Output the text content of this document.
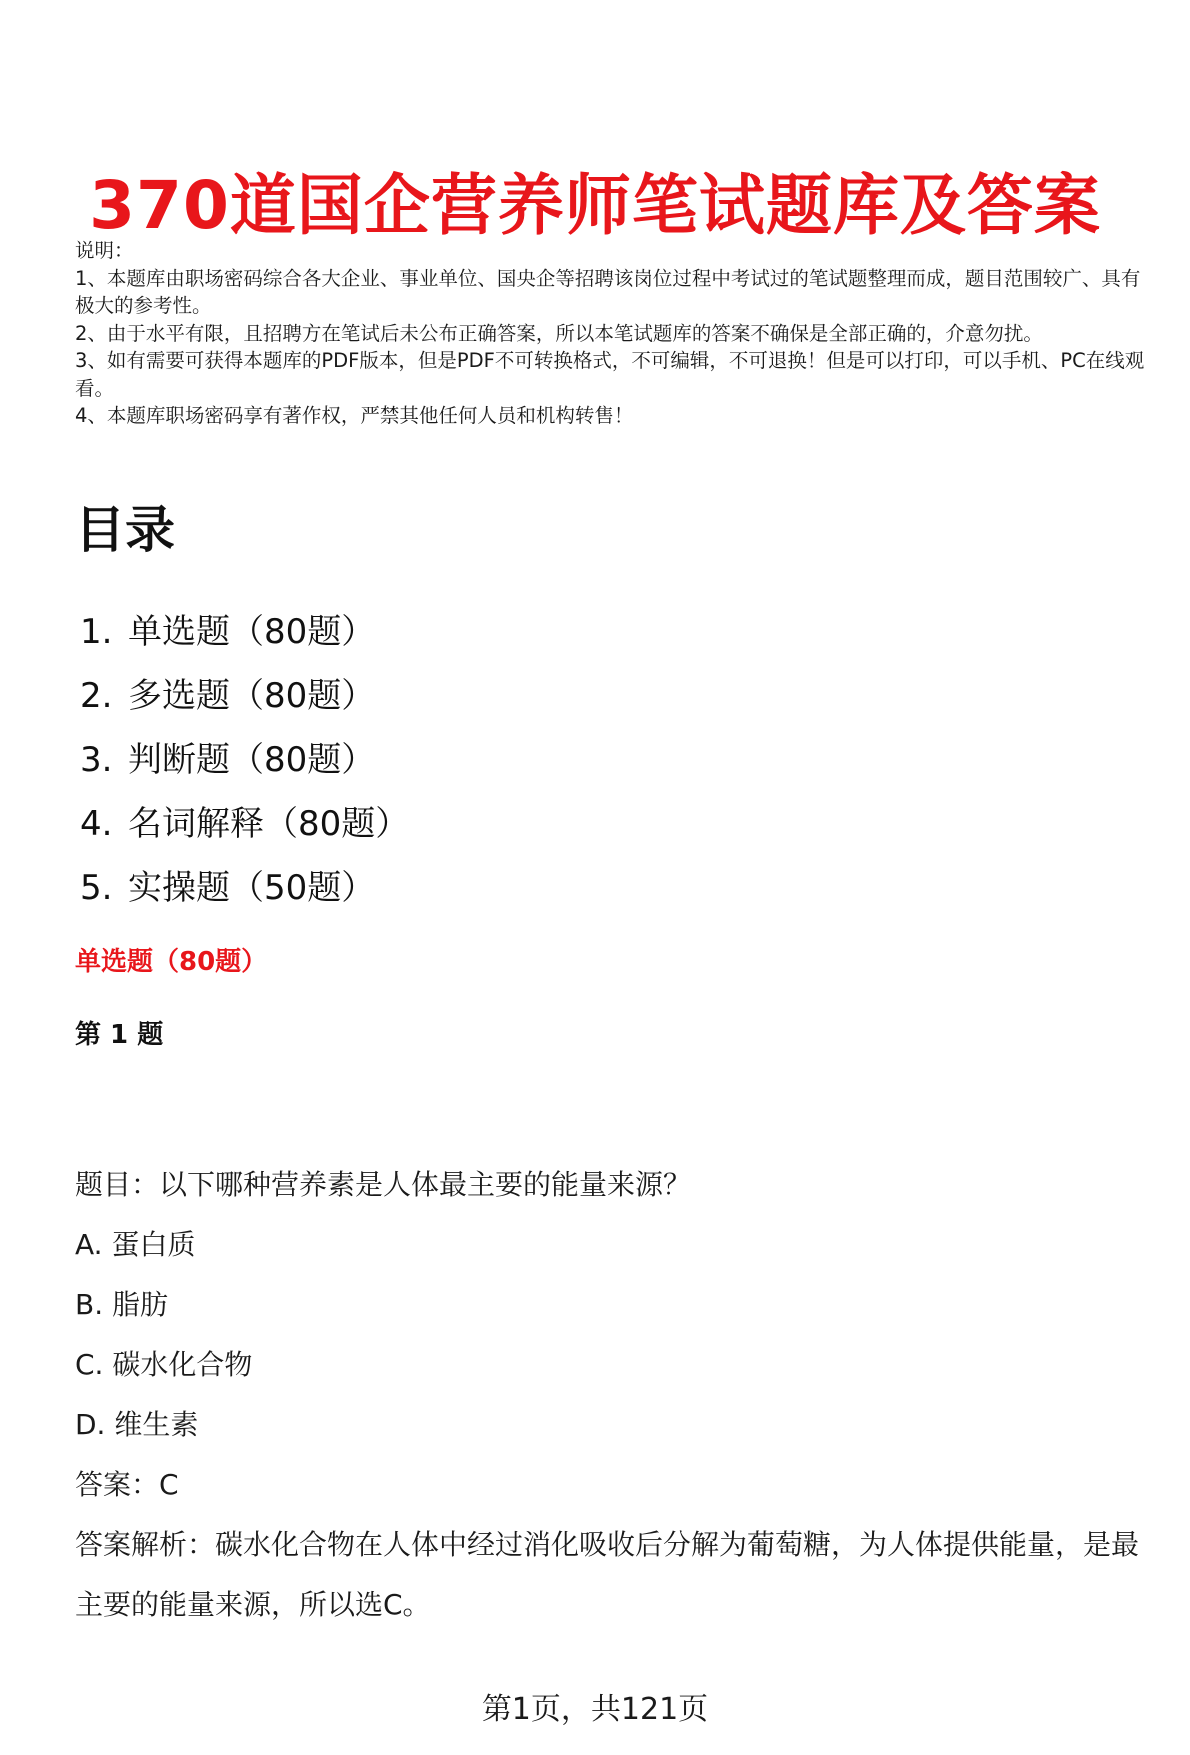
370道国企营养师笔试题库及答案

说明：

1、本题库由职场密码综合各大企业、事业单位、国央企等招聘该岗位过程中考试过的笔试题整理而成，题目范围较广、具有极大的参考性。

2、由于水平有限，且招聘方在笔试后未公布正确答案，所以本笔试题库的答案不确保是全部正确的，介意勿扰。

3、如有需要可获得本题库的PDF版本，但是PDF不可转换格式，不可编辑，不可退换！但是可以打印，可以手机、PC在线观看。

4、本题库职场密码享有著作权，严禁其他任何人员和机构转售！

目录
1. 单选题（80题）
2. 多选题（80题）
3. 判断题（80题）
4. 名词解释（80题）
5. 实操题（50题）
单选题（80题）
第 1 题

题目：以下哪种营养素是人体最主要的能量来源？

A. 蛋白质

B. 脂肪

C. 碳水化合物

D. 维生素

答案：C

答案解析：碳水化合物在人体中经过消化吸收后分解为葡萄糖，为人体提供能量，是最主要的能量来源，所以选C。

第1页，共121页
